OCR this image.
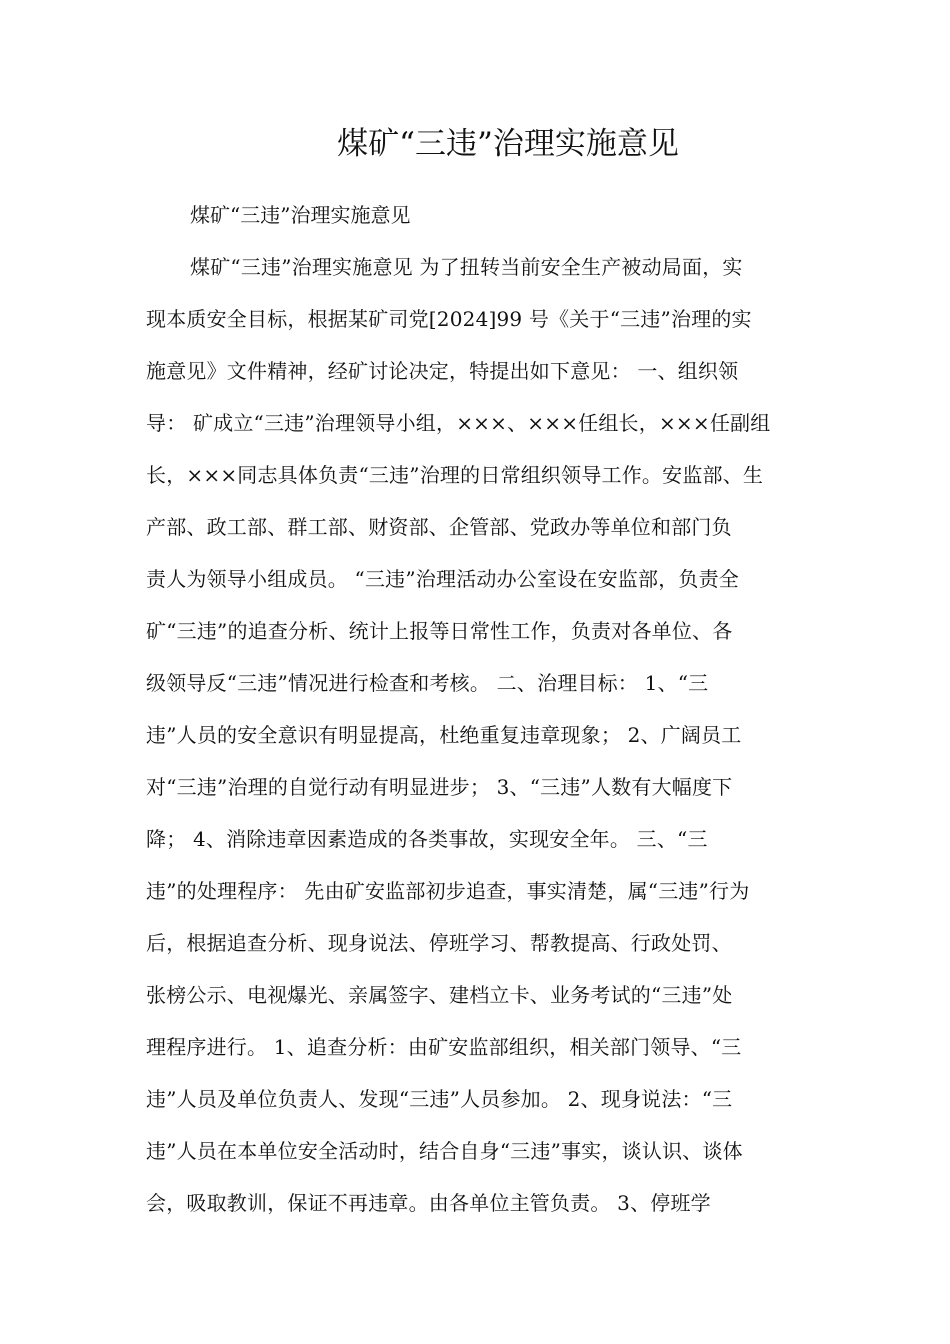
煤矿“三违”治理实施意见

煤矿“三违”治理实施意见

煤矿“三违”治理实施意见 为了扭转当前安全生产被动局面，实
现本质安全目标，根据某矿司党[2024]99 号《关于“三违”治理的实
施意见》文件精神，经矿讨论决定，特提出如下意见： 一、组织领
导： 矿成立“三违”治理领导小组，×××、×××任组长，×××任副组
长，×××同志具体负责“三违”治理的日常组织领导工作。安监部、生
产部、政工部、群工部、财资部、企管部、党政办等单位和部门负
责人为领导小组成员。 “三违”治理活动办公室设在安监部，负责全
矿“三违”的追查分析、统计上报等日常性工作，负责对各单位、各
级领导反“三违”情况进行检查和考核。 二、治理目标： 1、“三
违”人员的安全意识有明显提高，杜绝重复违章现象； 2、广阔员工
对“三违”治理的自觉行动有明显进步； 3、“三违”人数有大幅度下
降； 4、消除违章因素造成的各类事故，实现安全年。 三、“三
违”的处理程序： 先由矿安监部初步追查，事实清楚，属“三违”行为
后，根据追查分析、现身说法、停班学习、帮教提高、行政处罚、
张榜公示、电视爆光、亲属签字、建档立卡、业务考试的“三违”处
理程序进行。 1、追查分析：由矿安监部组织，相关部门领导、“三
违”人员及单位负责人、发现“三违”人员参加。 2、现身说法：“三
违”人员在本单位安全活动时，结合自身“三违”事实，谈认识、谈体
会，吸取教训，保证不再违章。由各单位主管负责。 3、停班学
